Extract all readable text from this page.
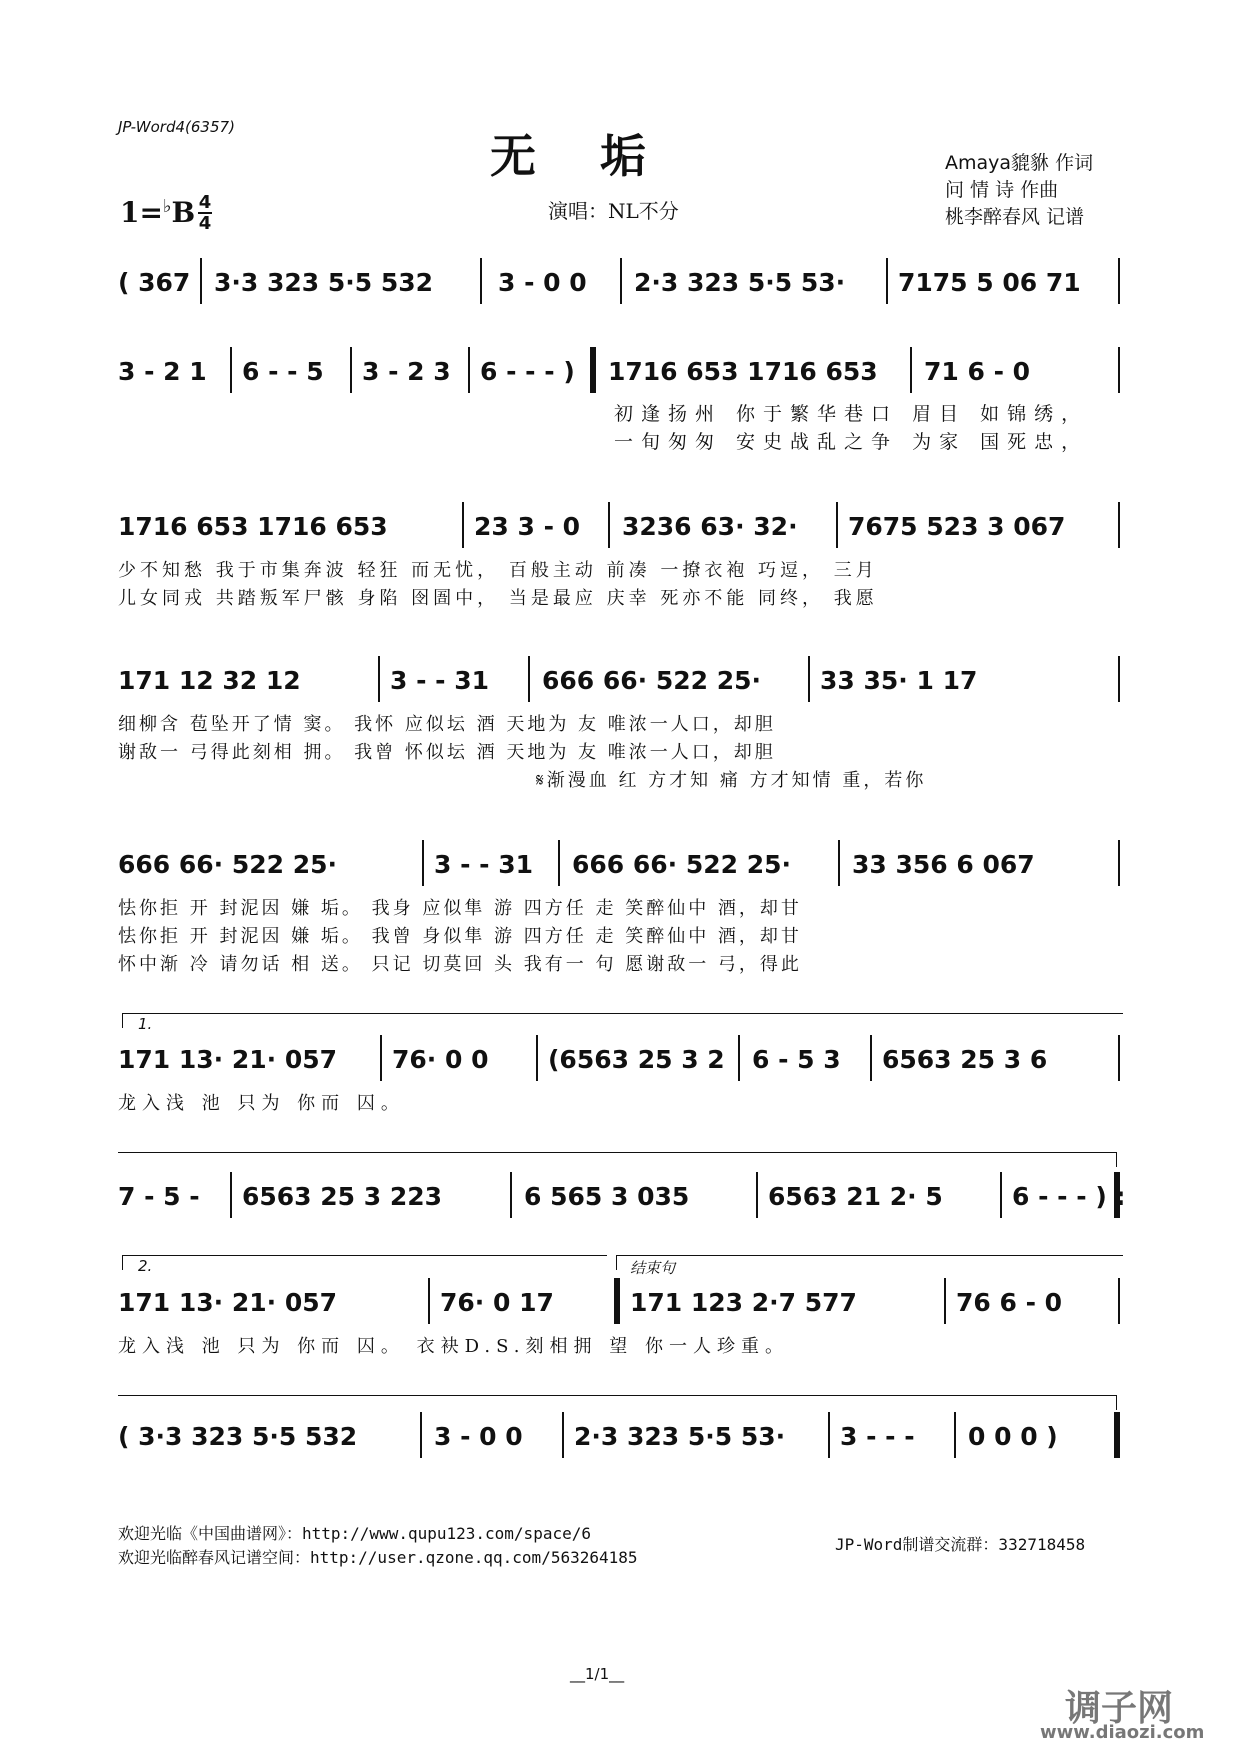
JP-Word4(6357)
无垢
1=♭B 4
4
演唱：NL不分
Amaya貔貅 作词
问 情 诗 作曲
桃李醉春风 记谱
( 367 3·3 323 5·5 532	3 - 0 0	2·3 323 5·5 53·	7175 5 06 71
3 - 2 1	6 - - 5	3 - 2 3 6 - - - ) 1716 653 1716 653	71 6 - 0
初逢扬州 你于繁华巷口 眉目 如锦绣，
一旬匆匆 安史战乱之争 为家 国死忠，
1716 653 1716 653	23 3 - 0	3236 63· 32·	7675 523 3 067
少不知愁 我于市集奔波 轻狂 而无忧， 百般主动 前凑 一撩衣袍 巧逗， 三月
儿女同戎 共踏叛军尸骸 身陷 囹圄中， 当是最应 庆幸 死亦不能 同终， 我愿
171 12 32 12	3 - - 31	666 66· 522 25·	33 35· 1 17
细柳含 苞坠开了情 窦。 我怀 应似坛 酒 天地为 友 唯浓一人口，却胆
谢敌一 弓得此刻相 拥。 我曾 怀似坛 酒 天地为 友 唯浓一人口，却胆
𝄋渐漫血 红 方才知 痛 方才知情 重，若你
666 66· 522 25·	3 - - 31	666 66· 522 25·	33 356 6 067
怯你拒 开 封泥因 嫌 垢。 我身 应似隼 游 四方任 走 笑醉仙中 酒，却甘
怯你拒 开 封泥因 嫌 垢。 我曾 身似隼 游 四方任 走 笑醉仙中 酒，却甘
怀中渐 冷 请勿话 相 送。 只记 切莫回 头 我有一 句 愿谢敌一 弓，得此
1.
171 13· 21· 057	76· 0 0	(6563 25 3 2 6 - 5 3	6563 25 3 6
龙入浅 池 只为 你而 囚。
7 - 5 -	6563 25 3 223	6 565 3 035	6563 21 2· 5	6 - - - ) :
2.	结束句
171 13· 21· 057	76· 0 17	171 123 2·7 577	76 6 - 0
龙入浅 池 只为 你而 囚。 衣袂D.S.刻相拥 望 你一人珍重。
( 3·3 323 5·5 532	3 - 0 0	2·3 323 5·5 53·	3 - - -	0 0 0 )
欢迎光临《中国曲谱网》：http://www.qupu123.com/space/6
欢迎光临醉春风记谱空间：http://user.qzone.qq.com/563264185
JP-Word制谱交流群：332718458
__1/1__
调子网
www.diaozi.com
